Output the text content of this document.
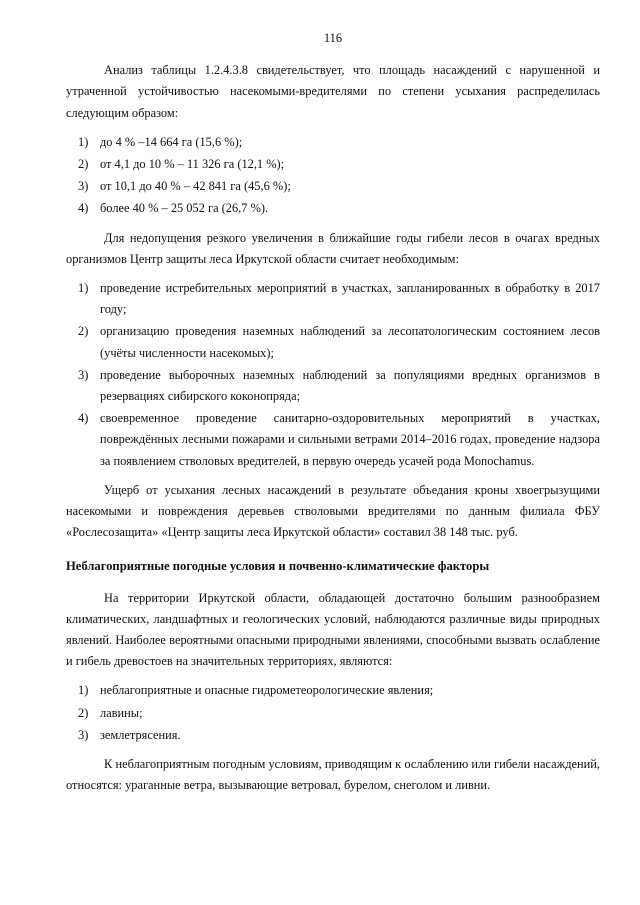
116

Анализ таблицы 1.2.4.3.8 свидетельствует, что площадь насаждений с нарушенной и утраченной устойчивостью насекомыми-вредителями по степени усыхания распределилась следующим образом:

1) до 4 % –14 664 га (15,6 %);
2) от 4,1 до 10 % – 11 326 га (12,1 %);
3) от 10,1 до 40 % – 42 841 га (45,6 %);
4) более 40 % – 25 052 га (26,7 %).

Для недопущения резкого увеличения в ближайшие годы гибели лесов в очагах вредных организмов Центр защиты леса Иркутской области считает необходимым:

1) проведение истребительных мероприятий в участках, запланированных в обработку в 2017 году;
2) организацию проведения наземных наблюдений за лесопатологическим состоянием лесов (учёты численности насекомых);
3) проведение выборочных наземных наблюдений за популяциями вредных организмов в резервациях сибирского коконопряда;
4) своевременное проведение санитарно-оздоровительных мероприятий в участках, повреждённых лесными пожарами и сильными ветрами 2014–2016 годах, проведение надзора за появлением стволовых вредителей, в первую очередь усачей рода Monochamus.

Ущерб от усыхания лесных насаждений в результате объедания кроны хвоегрызущими насекомыми и повреждения деревьев стволовыми вредителями по данным филиала ФБУ «Рослесозащита» «Центр защиты леса Иркутской области» составил 38 148 тыс. руб.

Неблагоприятные погодные условия и почвенно-климатические факторы

На территории Иркутской области, обладающей достаточно большим разнообразием климатических, ландшафтных и геологических условий, наблюдаются различные виды природных явлений. Наиболее вероятными опасными природными явлениями, способными вызвать ослабление и гибель древостоев на значительных территориях, являются:

1) неблагоприятные и опасные гидрометеорологические явления;
2) лавины;
3) землетрясения.

К неблагоприятным погодным условиям, приводящим к ослаблению или гибели насаждений, относятся: ураганные ветра, вызывающие ветровал, бурелом, снеголом и ливни.
